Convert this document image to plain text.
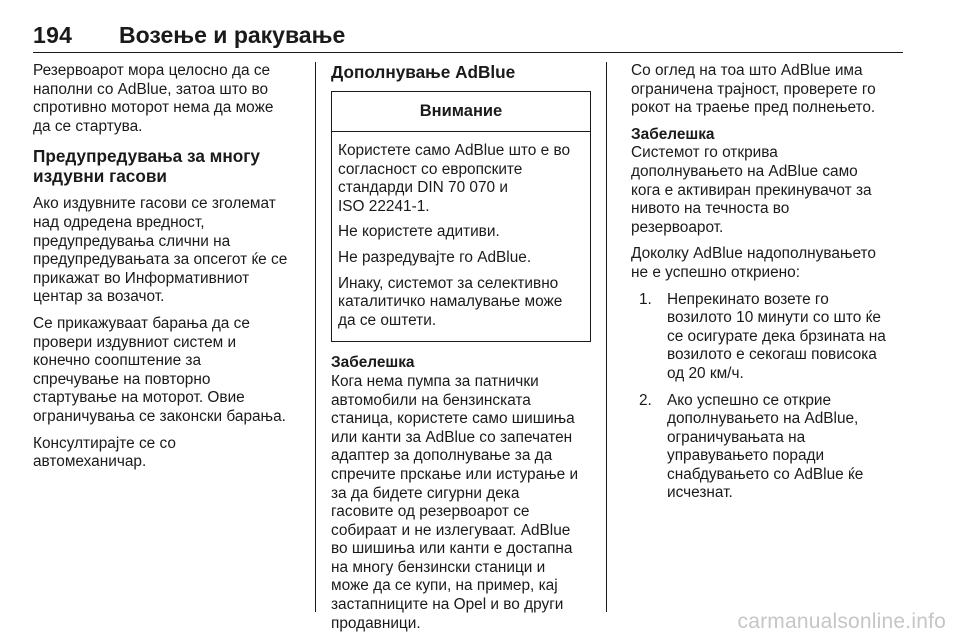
194 Возење и ракување

Резервоарот мора целосно да се
наполни со AdBlue, затоа што во
спротивно моторот нема да може
да се стартува.

Предупредувања за многу
издувни гасови

Ако издувните гасови се зголемат
над одредена вредност,
предупредувања слични на
предупредувањата за опсегот ќе се
прикажат во Информативниот
центар за возачот.

Се прикажуваат барања да се
провери издувниот систем и
конечно соопштение за
спречување на повторно
стартување на моторот. Овие
ограничувања се законски барања.

Консултирајте се со
автомеханичар.

Дополнување AdBlue
Внимание

Користете само AdBlue што е во
согласност со европските
стандарди DIN 70 070 и
ISO 22241-1.

Не користете адитиви.

Не разредувајте го AdBlue.

Инаку, системот за селективно
каталитичко намалување може
да се оштети.

Забелешка
Кога нема пумпа за патнички
автомобили на бензинската
станица, користете само шишиња
или канти за AdBlue со запечатен
адаптер за дополнување за да
спречите прскање или истурање и
за да бидете сигурни дека
гасовите од резервоарот се
собираат и не излегуваат. AdBlue
во шишиња или канти е достапна
на многу бензински станици и
може да се купи, на пример, кај
застапниците на Opel и во други
продавници.

Со оглед на тоа што AdBlue има
ограничена трајност, проверете го
рокот на траење пред полнењето.

Забелешка
Системот го открива
дополнувањето на AdBlue само
кога е активиран прекинувачот за
нивото на течноста во
резервоарот.

Доколку AdBlue надополнувањето
не е успешно откриено:

1. Непрекинато возете го
возилото 10 минути со што ќе
се осигурате дека брзината на
возилото е секогаш повисока
од 20 км/ч.
2. Ако успешно се открие
дополнувањето на AdBlue,
ограничувањата на
управувањето поради
снабдувањето со AdBlue ќе
исчезнат.
carmanualsonline.info
